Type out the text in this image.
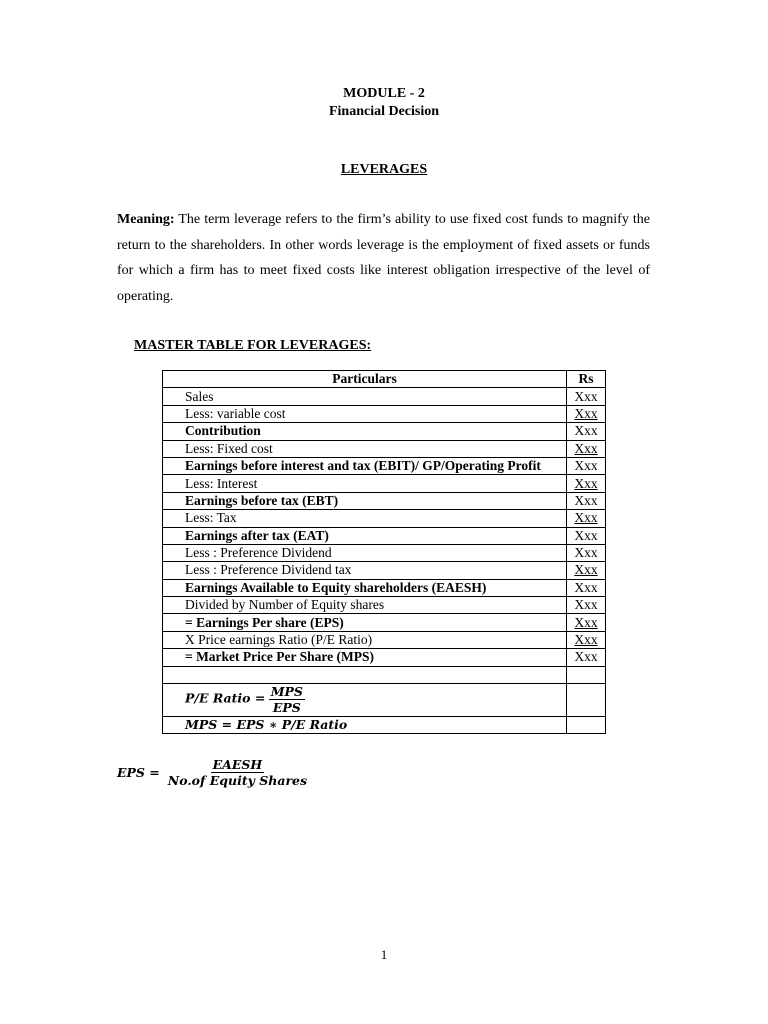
MODULE - 2
Financial Decision
LEVERAGES
Meaning: The term leverage refers to the firm’s ability to use fixed cost funds to magnify the return to the shareholders. In other words leverage is the employment of fixed assets or funds for which a firm has to meet fixed costs like interest obligation irrespective of the level of operating.
MASTER TABLE FOR LEVERAGES:
Particulars	Rs
Sales	Xxx
Less: variable cost	Xxx
Contribution	Xxx
Less: Fixed cost	Xxx
Earnings before interest and tax (EBIT)/ GP/Operating Profit	Xxx
Less: Interest	Xxx
Earnings before tax (EBT)	Xxx
Less: Tax	Xxx
Earnings after tax (EAT)	Xxx
Less : Preference Dividend	Xxx
Less : Preference Dividend tax	Xxx
Earnings Available to Equity shareholders (EAESH)	Xxx
Divided by Number of Equity shares	Xxx
= Earnings Per share (EPS)	Xxx
X Price earnings Ratio (P/E Ratio)	Xxx
= Market Price Per Share (MPS)	Xxx

P/E Ratio = $\frac{\text{MPS}}{\text{EPS}}$

MPS = EPS ∗ P/E Ratio	
EPS = $\frac{\text{EAESH}}{\text{No.of Equity Shares}}$
1
